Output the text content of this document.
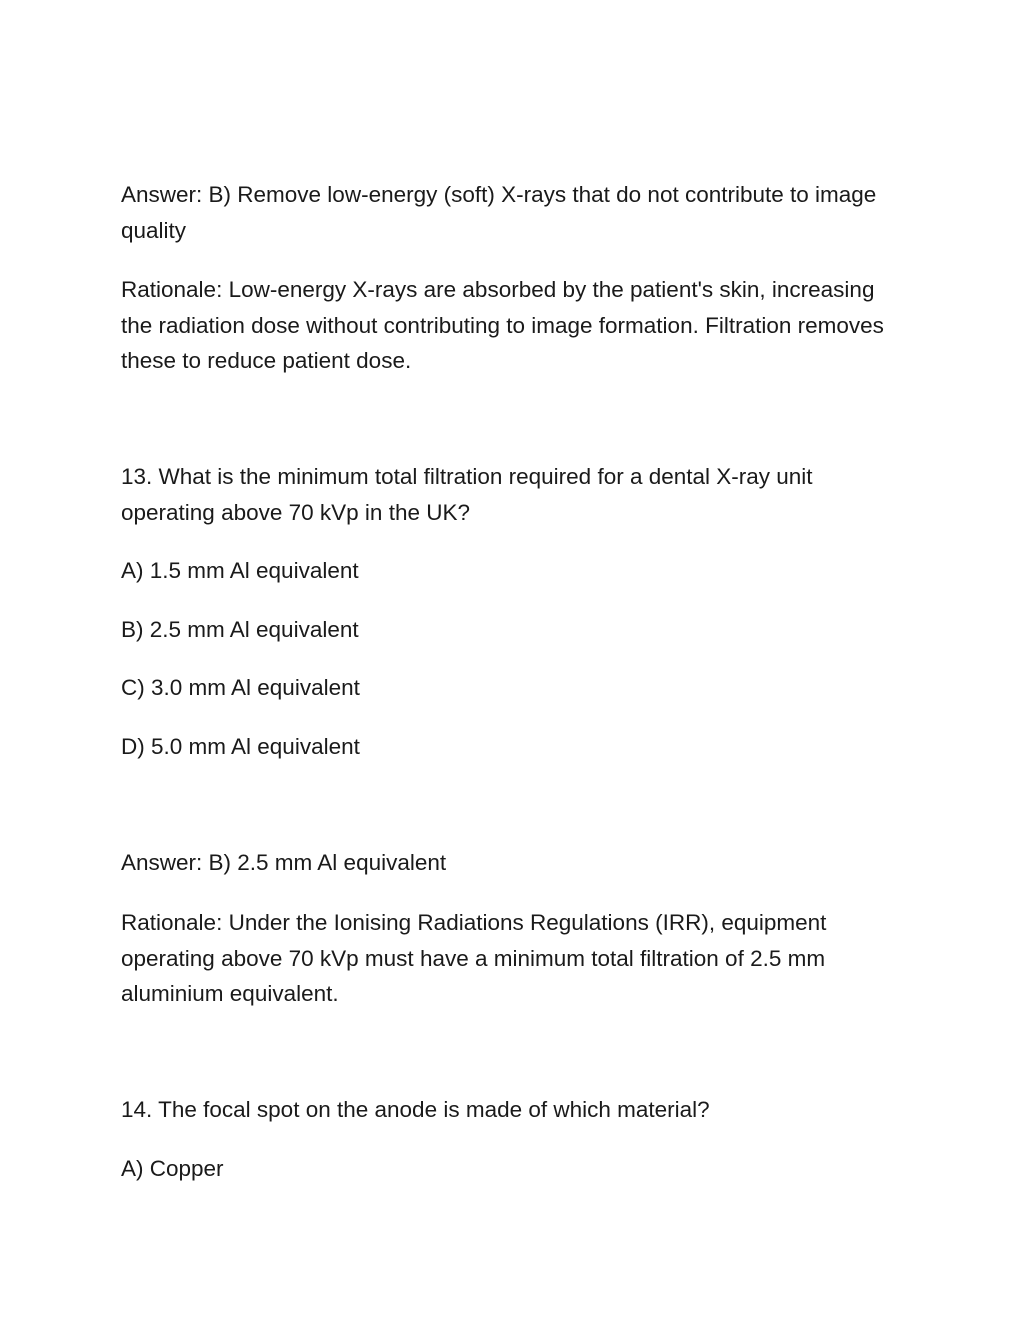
Answer: B) Remove low-energy (soft) X-rays that do not contribute to image quality

Rationale: Low-energy X-rays are absorbed by the patient's skin, increasing the radiation dose without contributing to image formation. Filtration removes these to reduce patient dose.

13. What is the minimum total filtration required for a dental X-ray unit operating above 70 kVp in the UK?

A) 1.5 mm Al equivalent

B) 2.5 mm Al equivalent

C) 3.0 mm Al equivalent

D) 5.0 mm Al equivalent

Answer: B) 2.5 mm Al equivalent

Rationale: Under the Ionising Radiations Regulations (IRR), equipment operating above 70 kVp must have a minimum total filtration of 2.5 mm aluminium equivalent.

14. The focal spot on the anode is made of which material?

A) Copper
